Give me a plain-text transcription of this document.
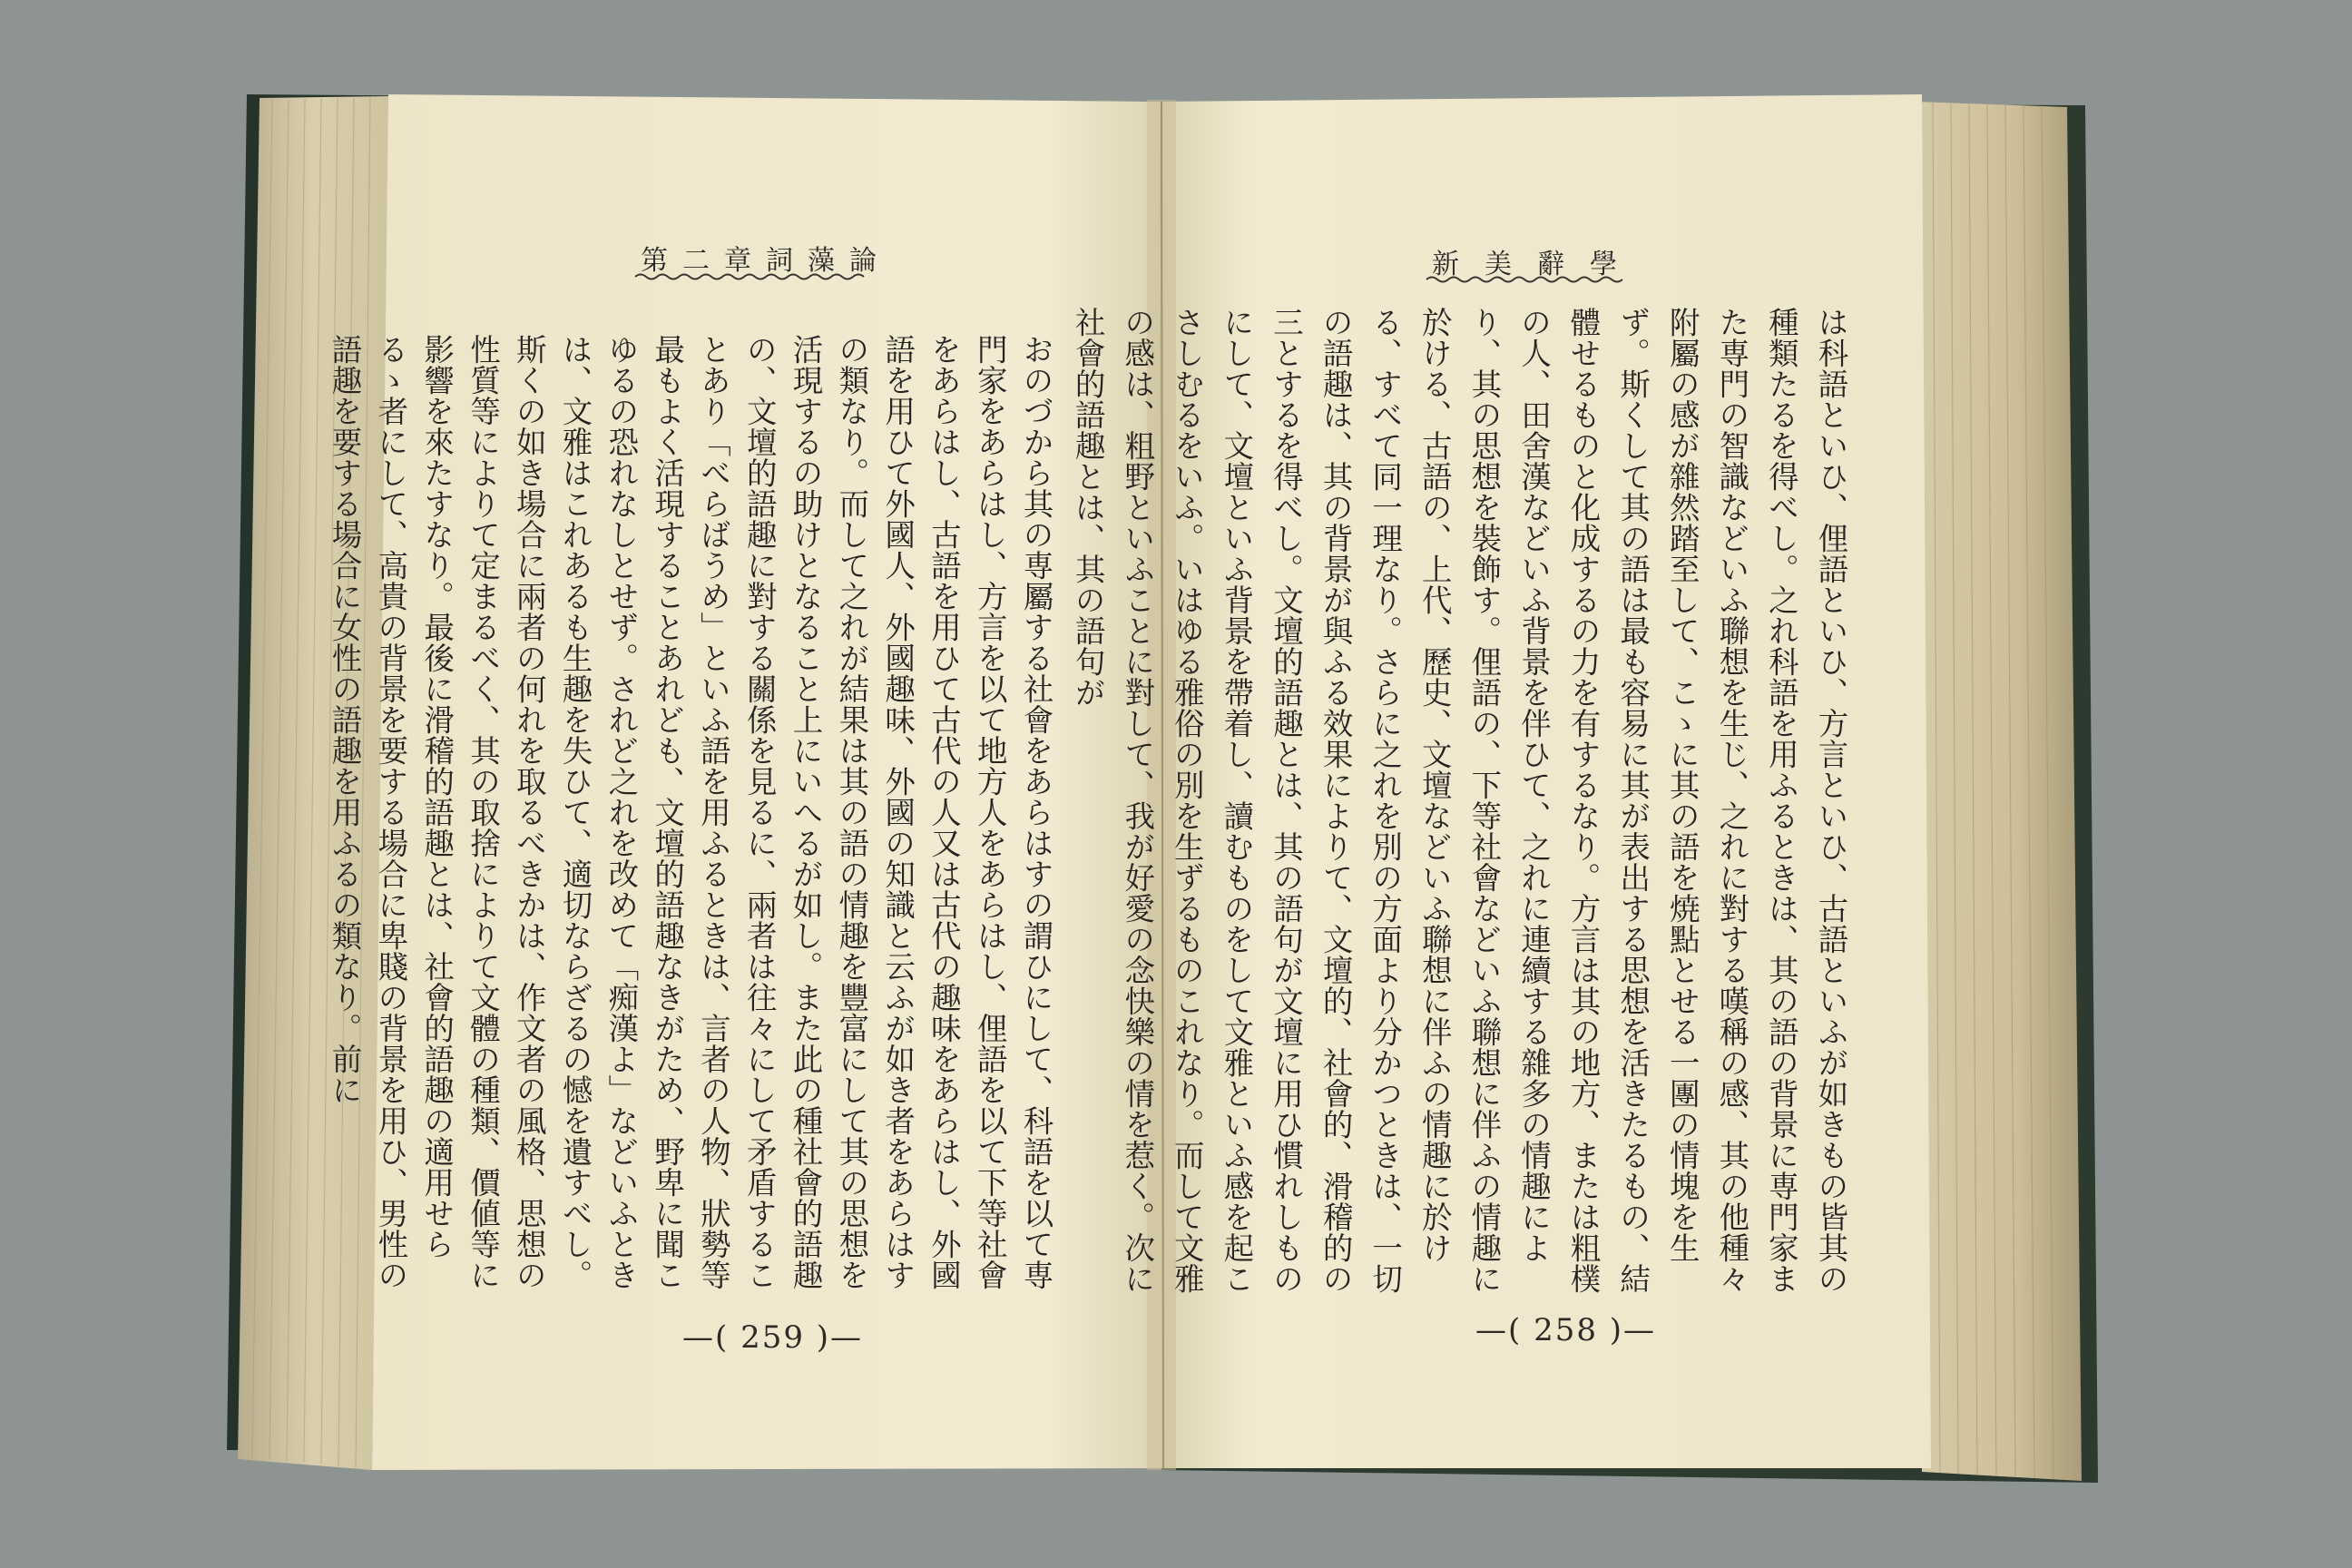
第二章詞藻論	新美辭學
おのづから其の専屬する社會をあらはすの謂ひにして、科語を以て専門家をあらはし、方言を以て地方人をあらはし、俚語を以て下等社會をあらはし、古語を用ひて古代の人又は古代の趣味をあらはし、外國語を用ひて外國人、外國趣味、外國の知識と云ふが如き者をあらはすの類なり。而して之れが結果は其の語の情趣を豐富にして其の思想を活現するの助けとなること上にいへるが如し。また此の種社會的語趣の、文壇的語趣に對する關係を見るに、兩者は往々にして矛盾することあり「べらばうめ」といふ語を用ふるときは、言者の人物、狀勢等最もよく活現することあれども、文壇的語趣なきがため、野卑に聞こゆるの恐れなしとせず。されど之れを改めて「痴漢よ」などいふときは、文雅はこれあるも生趣を失ひて、適切ならざるの憾を遺すべし。斯くの如き場合に兩者の何れを取るべきかは、作文者の風格、思想の性質等によりて定まるべく、其の取捨によりて文體の種類、價値等に影響を來たすなり。最後に滑稽的語趣とは、社會的語趣の適用せらるゝ者にして、高貴の背景を要する場合に卑賤の背景を用ひ、男性の語趣を要する場合に女性の語趣を用ふるの類なり。前に	は科語といひ、俚語といひ、方言といひ、古語といふが如きもの皆其の種類たるを得べし。之れ科語を用ふるときは、其の語の背景に専門家また専門の智識などいふ聯想を生じ、之れに對する嘆稱の感、其の他種々附屬の感が雜然踏至して、こゝに其の語を焼點とせる一團の情塊を生ず。斯くして其の語は最も容易に其が表出する思想を活きたるもの、結體せるものと化成するの力を有するなり。方言は其の地方、または粗樸の人、田舍漢などいふ背景を伴ひて、之れに連續する雜多の情趣により、其の思想を裝飾す。俚語の、下等社會などいふ聯想に伴ふの情趣に於ける、古語の、上代、歷史、文壇などいふ聯想に伴ふの情趣に於ける、すべて同一理なり。さらに之れを別の方面より分かつときは、一切の語趣は、其の背景が與ふる效果によりて、文壇的、社會的、滑稽的の三とするを得べし。文壇的語趣とは、其の語句が文壇に用ひ慣れしものにして、文壇といふ背景を帶着し、讀むものをして文雅といふ感を起こさしむるをいふ。いはゆる雅俗の別を生ずるものこれなり。而して文雅の感は、粗野といふことに對して、我が好愛の念快樂の情を惹く。次に社會的語趣とは、其の語句が
—( 259 )—	—( 258 )—
